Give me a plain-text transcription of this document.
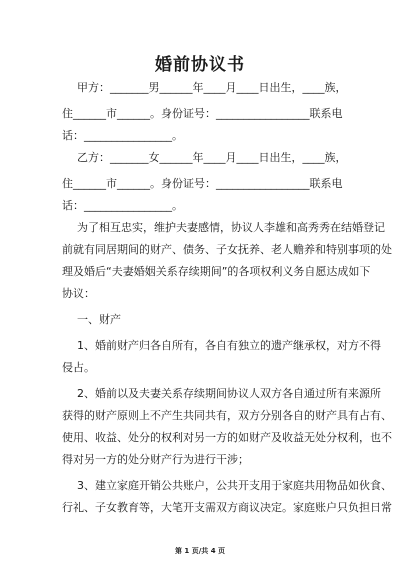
婚前协议书
甲方：_______男______年____月____日出生，____族，
住______市______。身份证号：_________________联系电
话：________________。
乙方：_______女______年____月____日出生，____族，
住______市______。身份证号：_________________联系电
话：________________。
为了相互忠实，维护夫妻感情，协议人李雄和高秀秀在结婚登记
前就有同居期间的财产、债务、子女抚养、老人赡养和特别事项的处
理及婚后“夫妻婚姻关系存续期间”的各项权利义务自愿达成如下
协议：
一、财产
1、婚前财产归各自所有，各自有独立的遗产继承权，对方不得
侵占。
2、婚前以及夫妻关系存续期间协议人双方各自通过所有来源所
获得的财产原则上不产生共同共有，双方分别各自的财产具有占有、
使用、收益、处分的权利对另一方的如财产及收益无处分权利，也不
得对另一方的处分财产行为进行干涉；
3、建立家庭开销公共账户，公共开支用于家庭共用物品如伙食、
行礼、子女教育等，大笔开支需双方商议决定。家庭账户只负担日常
第 1 页/共 4 页
